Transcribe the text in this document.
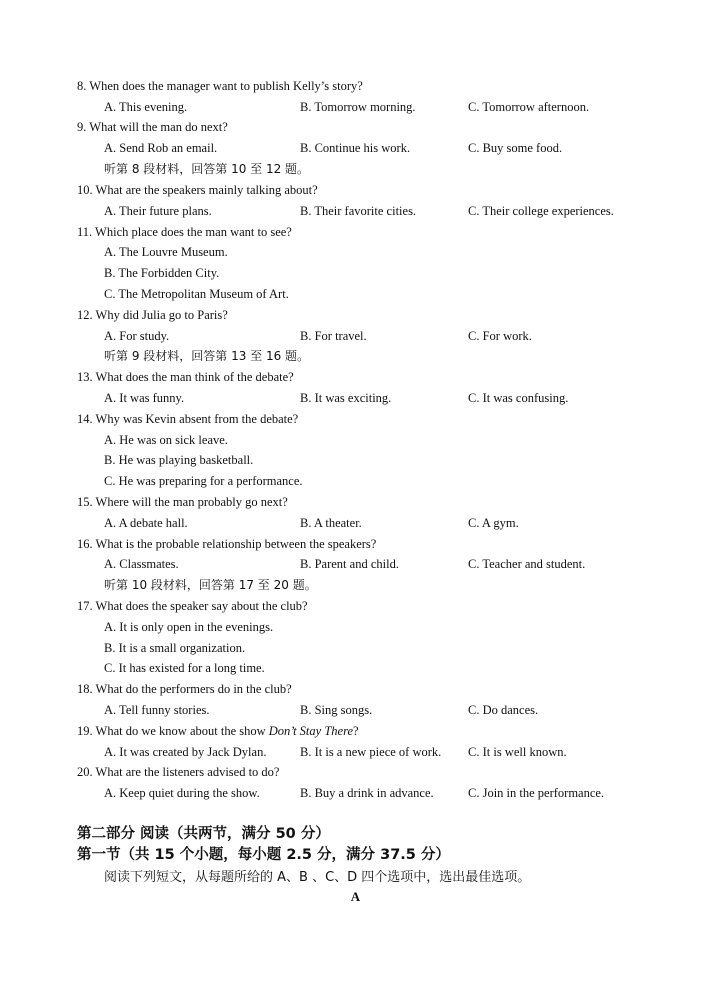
8. When does the manager want to publish Kelly’s story?
A. This evening.	B. Tomorrow morning.	C. Tomorrow afternoon.
9. What will the man do next?
A. Send Rob an email.	B. Continue his work.	C. Buy some food.
听第 8 段材料，回答第 10 至 12 题。
10. What are the speakers mainly talking about?
A. Their future plans.	B. Their favorite cities.	C. Their college experiences.
11. Which place does the man want to see?
A. The Louvre Museum.
B. The Forbidden City.
C. The Metropolitan Museum of Art.
12. Why did Julia go to Paris?
A. For study.	B. For travel.	C. For work.
听第 9 段材料，回答第 13 至 16 题。
13. What does the man think of the debate?
A. It was funny.	B. It was exciting.	C. It was confusing.
14. Why was Kevin absent from the debate?
A. He was on sick leave.
B. He was playing basketball.
C. He was preparing for a performance.
15. Where will the man probably go next?
A. A debate hall.	B. A theater.	C. A gym.
16. What is the probable relationship between the speakers?
A. Classmates.	B. Parent and child.	C. Teacher and student.
听第 10 段材料，回答第 17 至 20 题。
17. What does the speaker say about the club?
A. It is only open in the evenings.
B. It is a small organization.
C. It has existed for a long time.
18. What do the performers do in the club?
A. Tell funny stories.	B. Sing songs.	C. Do dances.
19. What do we know about the show Don’t Stay There?
A. It was created by Jack Dylan.	B. It is a new piece of work. C. It is well known.
20. What are the listeners advised to do?
A. Keep quiet during the show.	B. Buy a drink in advance.	C. Join in the performance.
第二部分 阅读（共两节，满分 50 分）
第一节（共 15 个小题，每小题 2.5 分，满分 37.5 分）
阅读下列短文，从每题所给的 A、B 、C、D 四个选项中，选出最佳选项。
A
